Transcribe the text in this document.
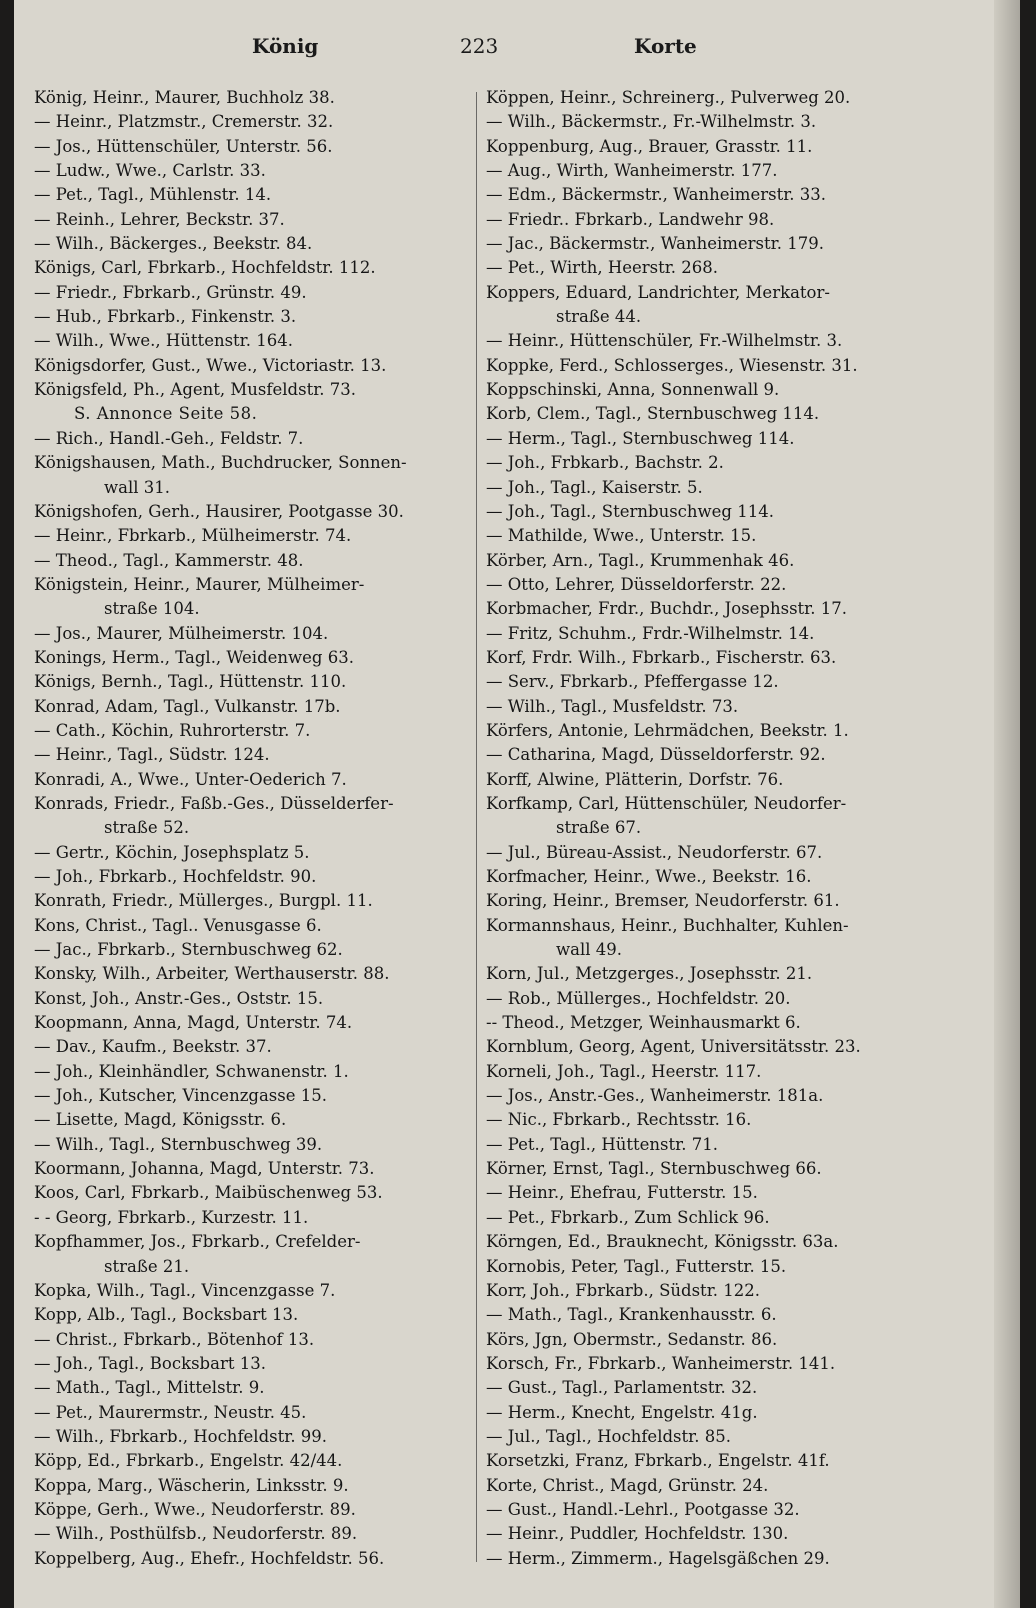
König	223	Korte
König, Heinr., Maurer, Buchholz 38.
— Heinr., Platzmstr., Cremerstr. 32.
— Jos., Hüttenschüler, Unterstr. 56.
— Ludw., Wwe., Carlstr. 33.
— Pet., Tagl., Mühlenstr. 14.
— Reinh., Lehrer, Beckstr. 37.
— Wilh., Bäckerges., Beekstr. 84.
Königs, Carl, Fbrkarb., Hochfeldstr. 112.
— Friedr., Fbrkarb., Grünstr. 49.
— Hub., Fbrkarb., Finkenstr. 3.
— Wilh., Wwe., Hüttenstr. 164.
Königsdorfer, Gust., Wwe., Victoriastr. 13.
Königsfeld, Ph., Agent, Musfeldstr. 73.
S. Annonce Seite 58.
— Rich., Handl.-Geh., Feldstr. 7.
Königshausen, Math., Buchdrucker, Sonnen-
wall 31.
Königshofen, Gerh., Hausirer, Pootgasse 30.
— Heinr., Fbrkarb., Mülheimerstr. 74.
— Theod., Tagl., Kammerstr. 48.
Königstein, Heinr., Maurer, Mülheimer-
straße 104.
— Jos., Maurer, Mülheimerstr. 104.
Konings, Herm., Tagl., Weidenweg 63.
Königs, Bernh., Tagl., Hüttenstr. 110.
Konrad, Adam, Tagl., Vulkanstr. 17b.
— Cath., Köchin, Ruhrorterstr. 7.
— Heinr., Tagl., Südstr. 124.
Konradi, A., Wwe., Unter-Oederich 7.
Konrads, Friedr., Faßb.-Ges., Düsselderfer-
straße 52.
— Gertr., Köchin, Josephsplatz 5.
— Joh., Fbrkarb., Hochfeldstr. 90.
Konrath, Friedr., Müllerges., Burgpl. 11.
Kons, Christ., Tagl.. Venusgasse 6.
— Jac., Fbrkarb., Sternbuschweg 62.
Konsky, Wilh., Arbeiter, Werthauserstr. 88.
Konst, Joh., Anstr.-Ges., Oststr. 15.
Koopmann, Anna, Magd, Unterstr. 74.
— Dav., Kaufm., Beekstr. 37.
— Joh., Kleinhändler, Schwanenstr. 1.
— Joh., Kutscher, Vincenzgasse 15.
— Lisette, Magd, Königsstr. 6.
— Wilh., Tagl., Sternbuschweg 39.
Koormann, Johanna, Magd, Unterstr. 73.
Koos, Carl, Fbrkarb., Maibüschenweg 53.
- - Georg, Fbrkarb., Kurzestr. 11.
Kopfhammer, Jos., Fbrkarb., Crefelder-
straße 21.
Kopka, Wilh., Tagl., Vincenzgasse 7.
Kopp, Alb., Tagl., Bocksbart 13.
— Christ., Fbrkarb., Bötenhof 13.
— Joh., Tagl., Bocksbart 13.
— Math., Tagl., Mittelstr. 9.
— Pet., Maurermstr., Neustr. 45.
— Wilh., Fbrkarb., Hochfeldstr. 99.
Köpp, Ed., Fbrkarb., Engelstr. 42/44.
Koppa, Marg., Wäscherin, Linksstr. 9.
Köppe, Gerh., Wwe., Neudorferstr. 89.
— Wilh., Posthülfsb., Neudorferstr. 89.
Koppelberg, Aug., Ehefr., Hochfeldstr. 56.
Köppen, Heinr., Schreinerg., Pulverweg 20.
— Wilh., Bäckermstr., Fr.-Wilhelmstr. 3.
Koppenburg, Aug., Brauer, Grasstr. 11.
— Aug., Wirth, Wanheimerstr. 177.
— Edm., Bäckermstr., Wanheimerstr. 33.
— Friedr.. Fbrkarb., Landwehr 98.
— Jac., Bäckermstr., Wanheimerstr. 179.
— Pet., Wirth, Heerstr. 268.
Koppers, Eduard, Landrichter, Merkator-
straße 44.
— Heinr., Hüttenschüler, Fr.-Wilhelmstr. 3.
Koppke, Ferd., Schlosserges., Wiesenstr. 31.
Koppschinski, Anna, Sonnenwall 9.
Korb, Clem., Tagl., Sternbuschweg 114.
— Herm., Tagl., Sternbuschweg 114.
— Joh., Frbkarb., Bachstr. 2.
— Joh., Tagl., Kaiserstr. 5.
— Joh., Tagl., Sternbuschweg 114.
— Mathilde, Wwe., Unterstr. 15.
Körber, Arn., Tagl., Krummenhak 46.
— Otto, Lehrer, Düsseldorferstr. 22.
Korbmacher, Frdr., Buchdr., Josephsstr. 17.
— Fritz, Schuhm., Frdr.-Wilhelmstr. 14.
Korf, Frdr. Wilh., Fbrkarb., Fischerstr. 63.
— Serv., Fbrkarb., Pfeffergasse 12.
— Wilh., Tagl., Musfeldstr. 73.
Körfers, Antonie, Lehrmädchen, Beekstr. 1.
— Catharina, Magd, Düsseldorferstr. 92.
Korff, Alwine, Plätterin, Dorfstr. 76.
Korfkamp, Carl, Hüttenschüler, Neudorfer-
straße 67.
— Jul., Büreau-Assist., Neudorferstr. 67.
Korfmacher, Heinr., Wwe., Beekstr. 16.
Koring, Heinr., Bremser, Neudorferstr. 61.
Kormannshaus, Heinr., Buchhalter, Kuhlen-
wall 49.
Korn, Jul., Metzgerges., Josephsstr. 21.
— Rob., Müllerges., Hochfeldstr. 20.
-- Theod., Metzger, Weinhausmarkt 6.
Kornblum, Georg, Agent, Universitätsstr. 23.
Korneli, Joh., Tagl., Heerstr. 117.
— Jos., Anstr.-Ges., Wanheimerstr. 181a.
— Nic., Fbrkarb., Rechtsstr. 16.
— Pet., Tagl., Hüttenstr. 71.
Körner, Ernst, Tagl., Sternbuschweg 66.
— Heinr., Ehefrau, Futterstr. 15.
— Pet., Fbrkarb., Zum Schlick 96.
Körngen, Ed., Brauknecht, Königsstr. 63a.
Kornobis, Peter, Tagl., Futterstr. 15.
Korr, Joh., Fbrkarb., Südstr. 122.
— Math., Tagl., Krankenhausstr. 6.
Körs, Jgn, Obermstr., Sedanstr. 86.
Korsch, Fr., Fbrkarb., Wanheimerstr. 141.
— Gust., Tagl., Parlamentstr. 32.
— Herm., Knecht, Engelstr. 41g.
— Jul., Tagl., Hochfeldstr. 85.
Korsetzki, Franz, Fbrkarb., Engelstr. 41f.
Korte, Christ., Magd, Grünstr. 24.
— Gust., Handl.-Lehrl., Pootgasse 32.
— Heinr., Puddler, Hochfeldstr. 130.
— Herm., Zimmerm., Hagelsgäßchen 29.
